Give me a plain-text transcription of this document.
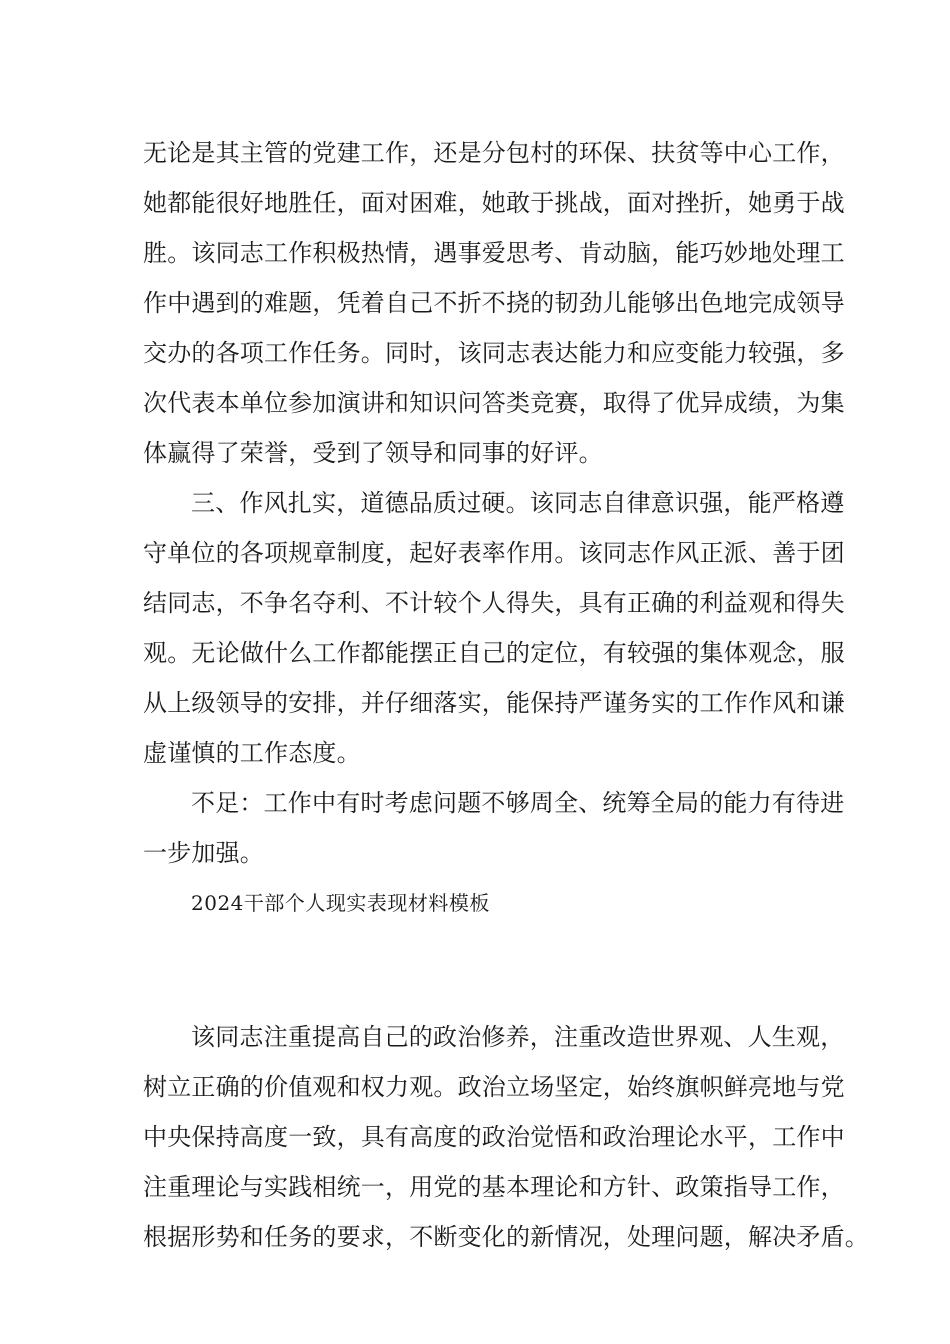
无论是其主管的党建工作，还是分包村的环保、扶贫等中心工作，
她都能很好地胜任，面对困难，她敢于挑战，面对挫折，她勇于战
胜。该同志工作积极热情，遇事爱思考、肯动脑，能巧妙地处理工
作中遇到的难题，凭着自己不折不挠的韧劲儿能够出色地完成领导
交办的各项工作任务。同时，该同志表达能力和应变能力较强，多
次代表本单位参加演讲和知识问答类竞赛，取得了优异成绩，为集
体赢得了荣誉，受到了领导和同事的好评。
三、作风扎实，道德品质过硬。该同志自律意识强，能严格遵
守单位的各项规章制度，起好表率作用。该同志作风正派、善于团
结同志，不争名夺利、不计较个人得失，具有正确的利益观和得失
观。无论做什么工作都能摆正自己的定位，有较强的集体观念，服
从上级领导的安排，并仔细落实，能保持严谨务实的工作作风和谦
虚谨慎的工作态度。
不足：工作中有时考虑问题不够周全、统筹全局的能力有待进
一步加强。
2024干部个人现实表现材料模板
该同志注重提高自己的政治修养，注重改造世界观、人生观，
树立正确的价值观和权力观。政治立场坚定，始终旗帜鲜亮地与党
中央保持高度一致，具有高度的政治觉悟和政治理论水平，工作中
注重理论与实践相统一，用党的基本理论和方针、政策指导工作，
根据形势和任务的要求，不断变化的新情况，处理问题，解决矛盾。
